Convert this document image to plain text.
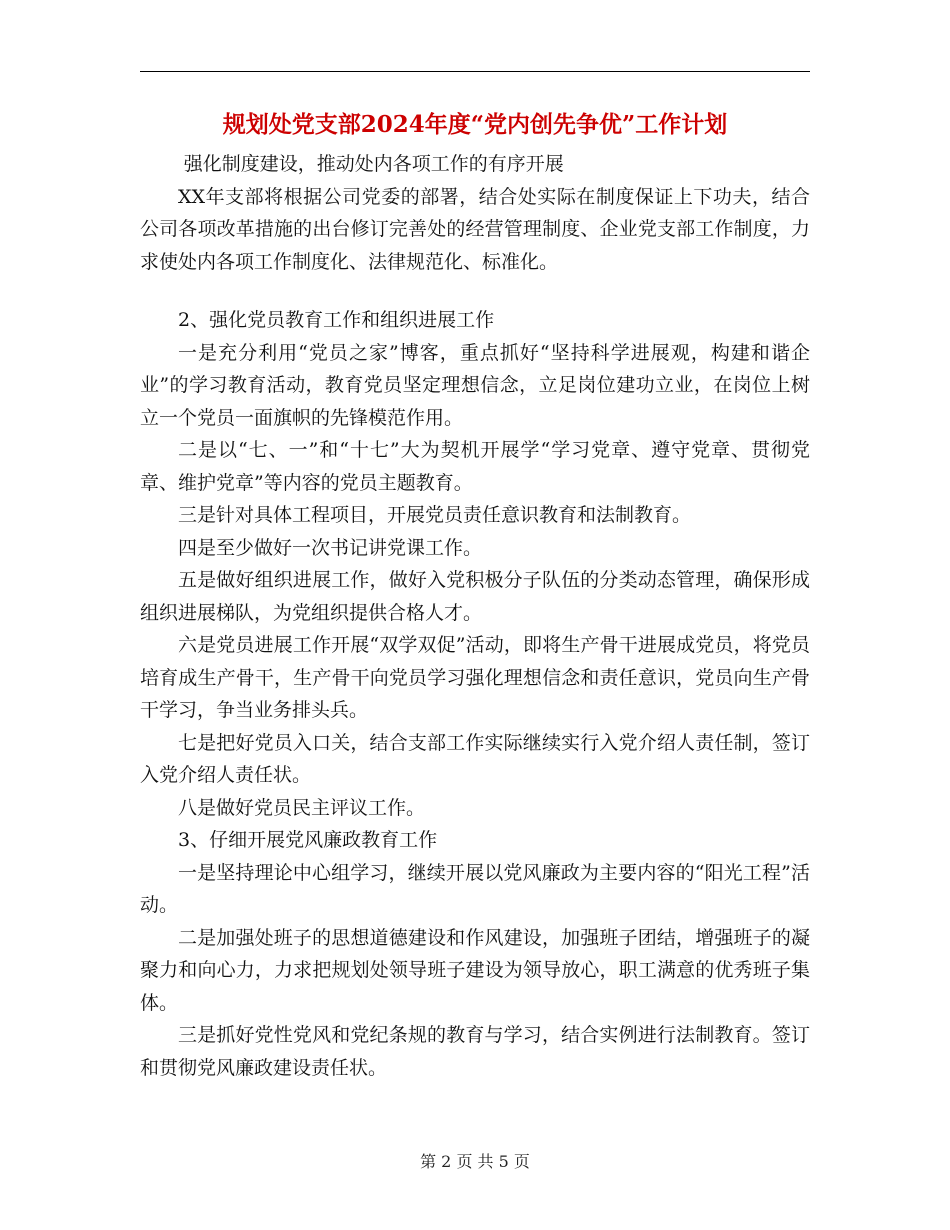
规划处党支部2024年度“党内创先争优”工作计划

强化制度建设，推动处内各项工作的有序开展

XX年支部将根据公司党委的部署，结合处实际在制度保证上下功夫，结合公司各项改革措施的出台修订完善处的经营管理制度、企业党支部工作制度，力求使处内各项工作制度化、法律规范化、标准化。

2、强化党员教育工作和组织进展工作

一是充分利用“党员之家”博客，重点抓好“坚持科学进展观，构建和谐企业”的学习教育活动，教育党员坚定理想信念，立足岗位建功立业，在岗位上树立一个党员一面旗帜的先锋模范作用。

二是以“七、一”和“十七”大为契机开展学“学习党章、遵守党章、贯彻党章、维护党章”等内容的党员主题教育。

三是针对具体工程项目，开展党员责任意识教育和法制教育。

四是至少做好一次书记讲党课工作。

五是做好组织进展工作，做好入党积极分子队伍的分类动态管理，确保形成组织进展梯队，为党组织提供合格人才。

六是党员进展工作开展“双学双促”活动，即将生产骨干进展成党员，将党员培育成生产骨干，生产骨干向党员学习强化理想信念和责任意识，党员向生产骨干学习，争当业务排头兵。

七是把好党员入口关，结合支部工作实际继续实行入党介绍人责任制，签订入党介绍人责任状。

八是做好党员民主评议工作。

3、仔细开展党风廉政教育工作

一是坚持理论中心组学习，继续开展以党风廉政为主要内容的“阳光工程”活动。

二是加强处班子的思想道德建设和作风建设，加强班子团结，增强班子的凝聚力和向心力，力求把规划处领导班子建设为领导放心，职工满意的优秀班子集体。

三是抓好党性党风和党纪条规的教育与学习，结合实例进行法制教育。签订和贯彻党风廉政建设责任状。

第 2 页 共 5 页
